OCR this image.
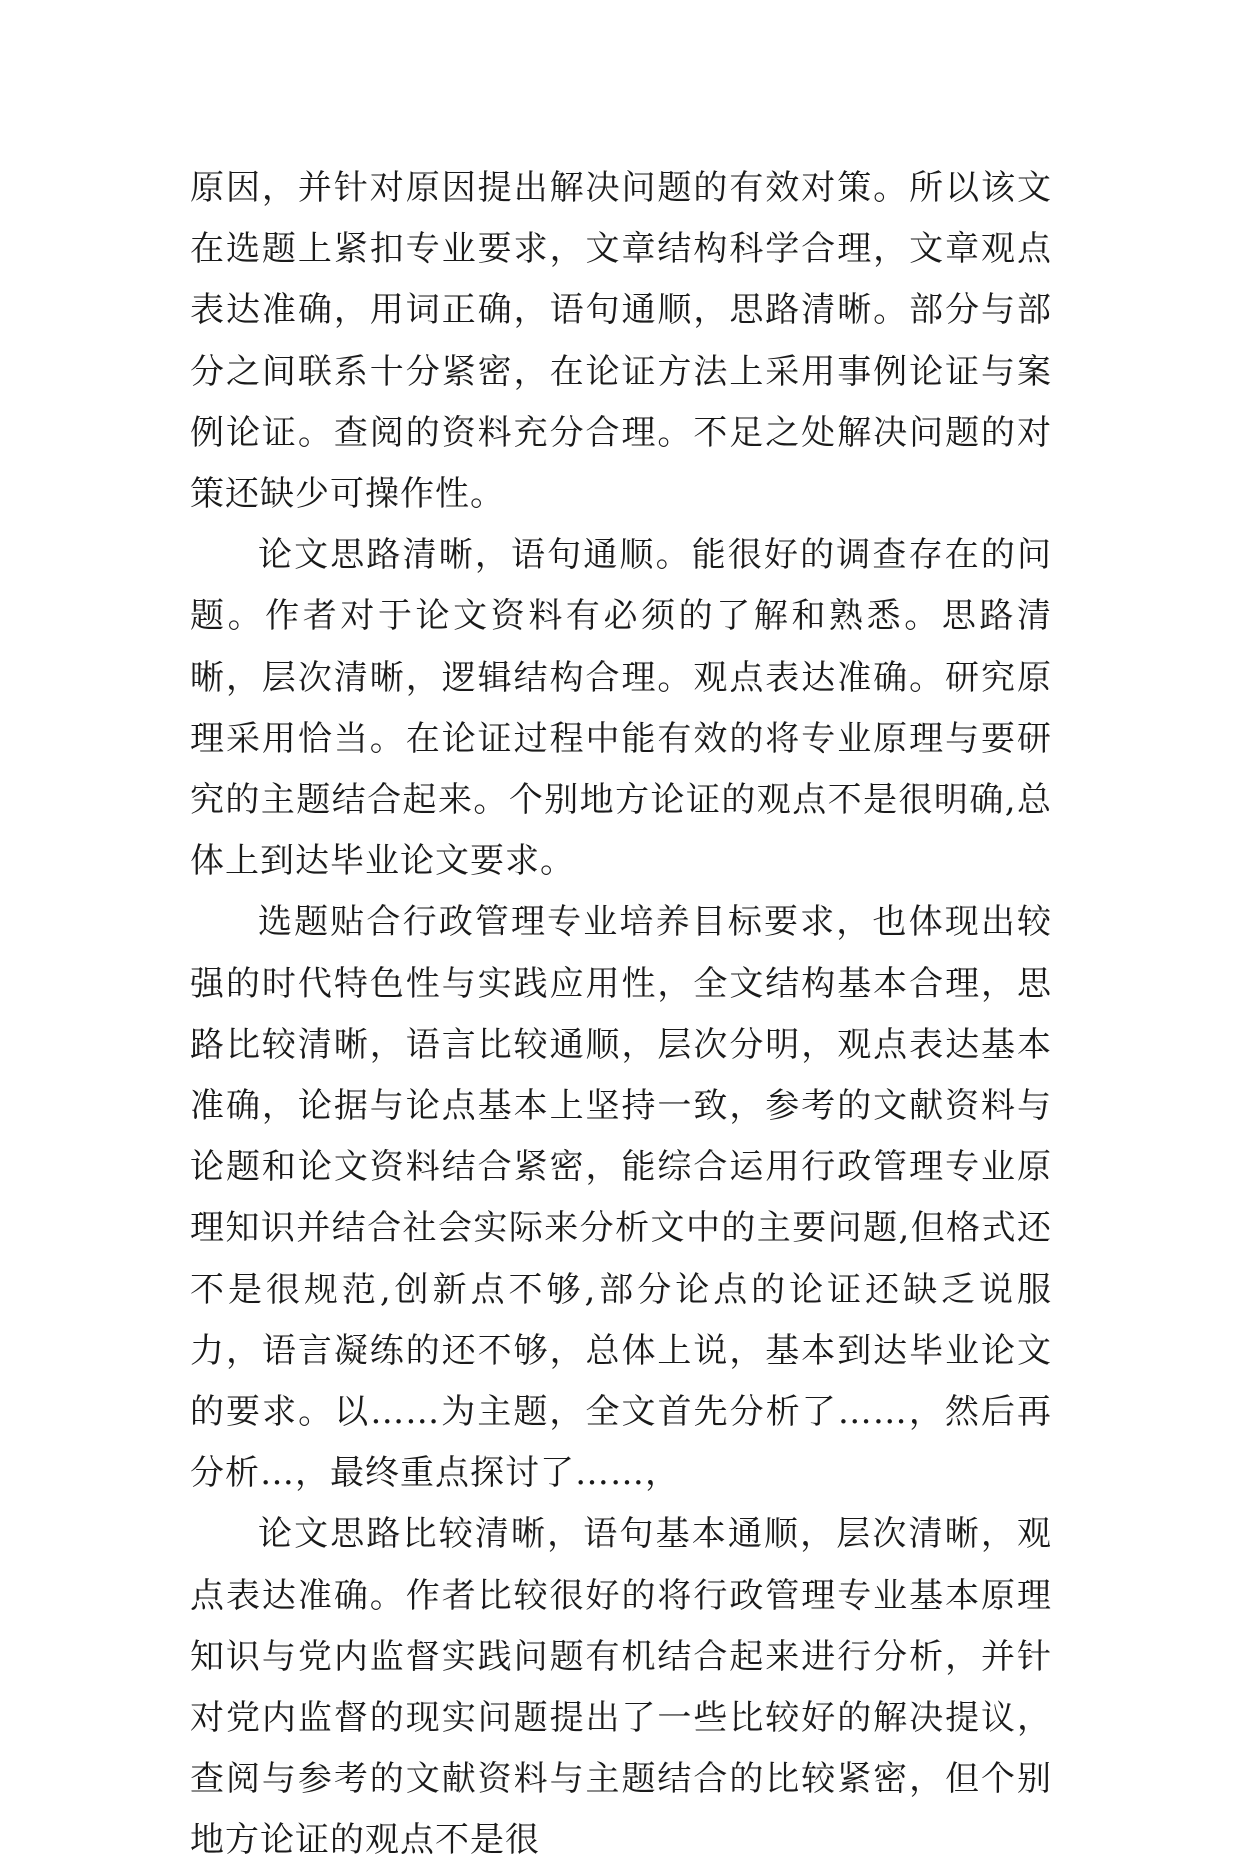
原因，并针对原因提出解决问题的有效对策。所以该文在选题上紧扣专业要求，文章结构科学合理，文章观点表达准确，用词正确，语句通顺，思路清晰。部分与部分之间联系十分紧密，在论证方法上采用事例论证与案例论证。查阅的资料充分合理。不足之处解决问题的对策还缺少可操作性。

论文思路清晰，语句通顺。能很好的调查存在的问题。作者对于论文资料有必须的了解和熟悉。思路清晰，层次清晰，逻辑结构合理。观点表达准确。研究原理采用恰当。在论证过程中能有效的将专业原理与要研究的主题结合起来。个别地方论证的观点不是很明确,总体上到达毕业论文要求。

选题贴合行政管理专业培养目标要求，也体现出较强的时代特色性与实践应用性，全文结构基本合理，思路比较清晰，语言比较通顺，层次分明，观点表达基本准确，论据与论点基本上坚持一致，参考的文献资料与论题和论文资料结合紧密，能综合运用行政管理专业原理知识并结合社会实际来分析文中的主要问题,但格式还不是很规范,创新点不够,部分论点的论证还缺乏说服力，语言凝练的还不够，总体上说，基本到达毕业论文的要求。以……为主题，全文首先分析了……，然后再分析…，最终重点探讨了……，

论文思路比较清晰，语句基本通顺，层次清晰，观点表达准确。作者比较很好的将行政管理专业基本原理知识与党内监督实践问题有机结合起来进行分析，并针对党内监督的现实问题提出了一些比较好的解决提议，查阅与参考的文献资料与主题结合的比较紧密，但个别地方论证的观点不是很
